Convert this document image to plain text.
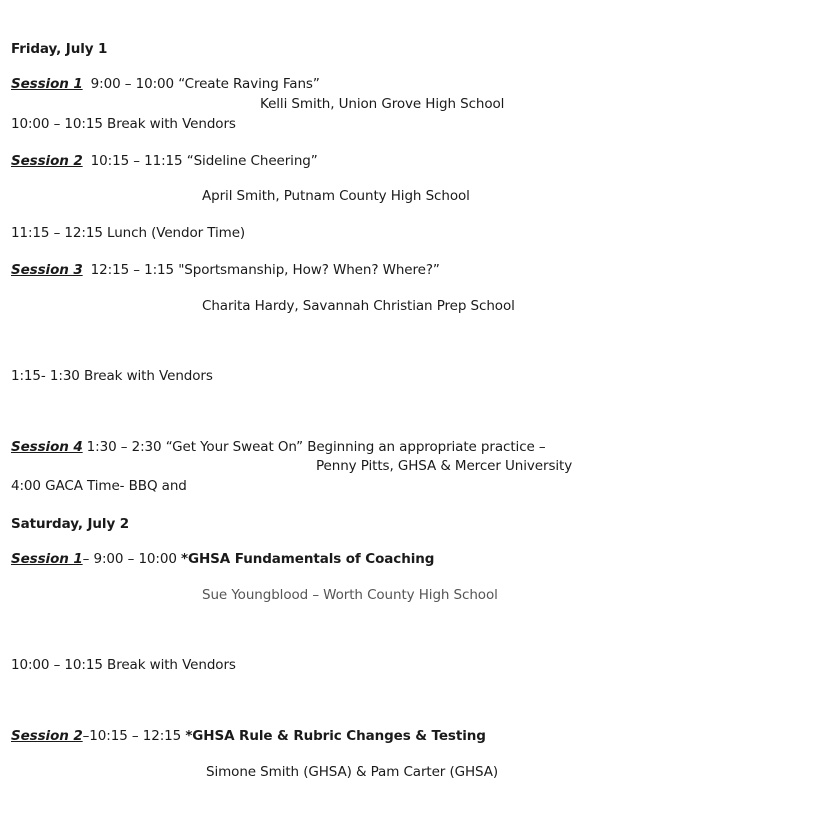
Friday, July 1
Session 1 9:00 – 10:00 “Create Raving Fans”
Kelli Smith, Union Grove High School
10:00 – 10:15 Break with Vendors
Session 2 10:15 – 11:15 “Sideline Cheering”
April Smith, Putnam County High School
11:15 – 12:15 Lunch (Vendor Time)
Session 3 12:15 – 1:15 "Sportsmanship, How? When? Where?”
Charita Hardy, Savannah Christian Prep School
1:15- 1:30 Break with Vendors
Session 4 1:30 – 2:30 “Get Your Sweat On” Beginning an appropriate practice –
Penny Pitts, GHSA & Mercer University
4:00 GACA Time- BBQ and
Saturday, July 2
Session 1– 9:00 – 10:00 *GHSA Fundamentals of Coaching
Sue Youngblood – Worth County High School
10:00 – 10:15 Break with Vendors
Session 2–10:15 – 12:15 *GHSA Rule & Rubric Changes & Testing
Simone Smith (GHSA) & Pam Carter (GHSA)
